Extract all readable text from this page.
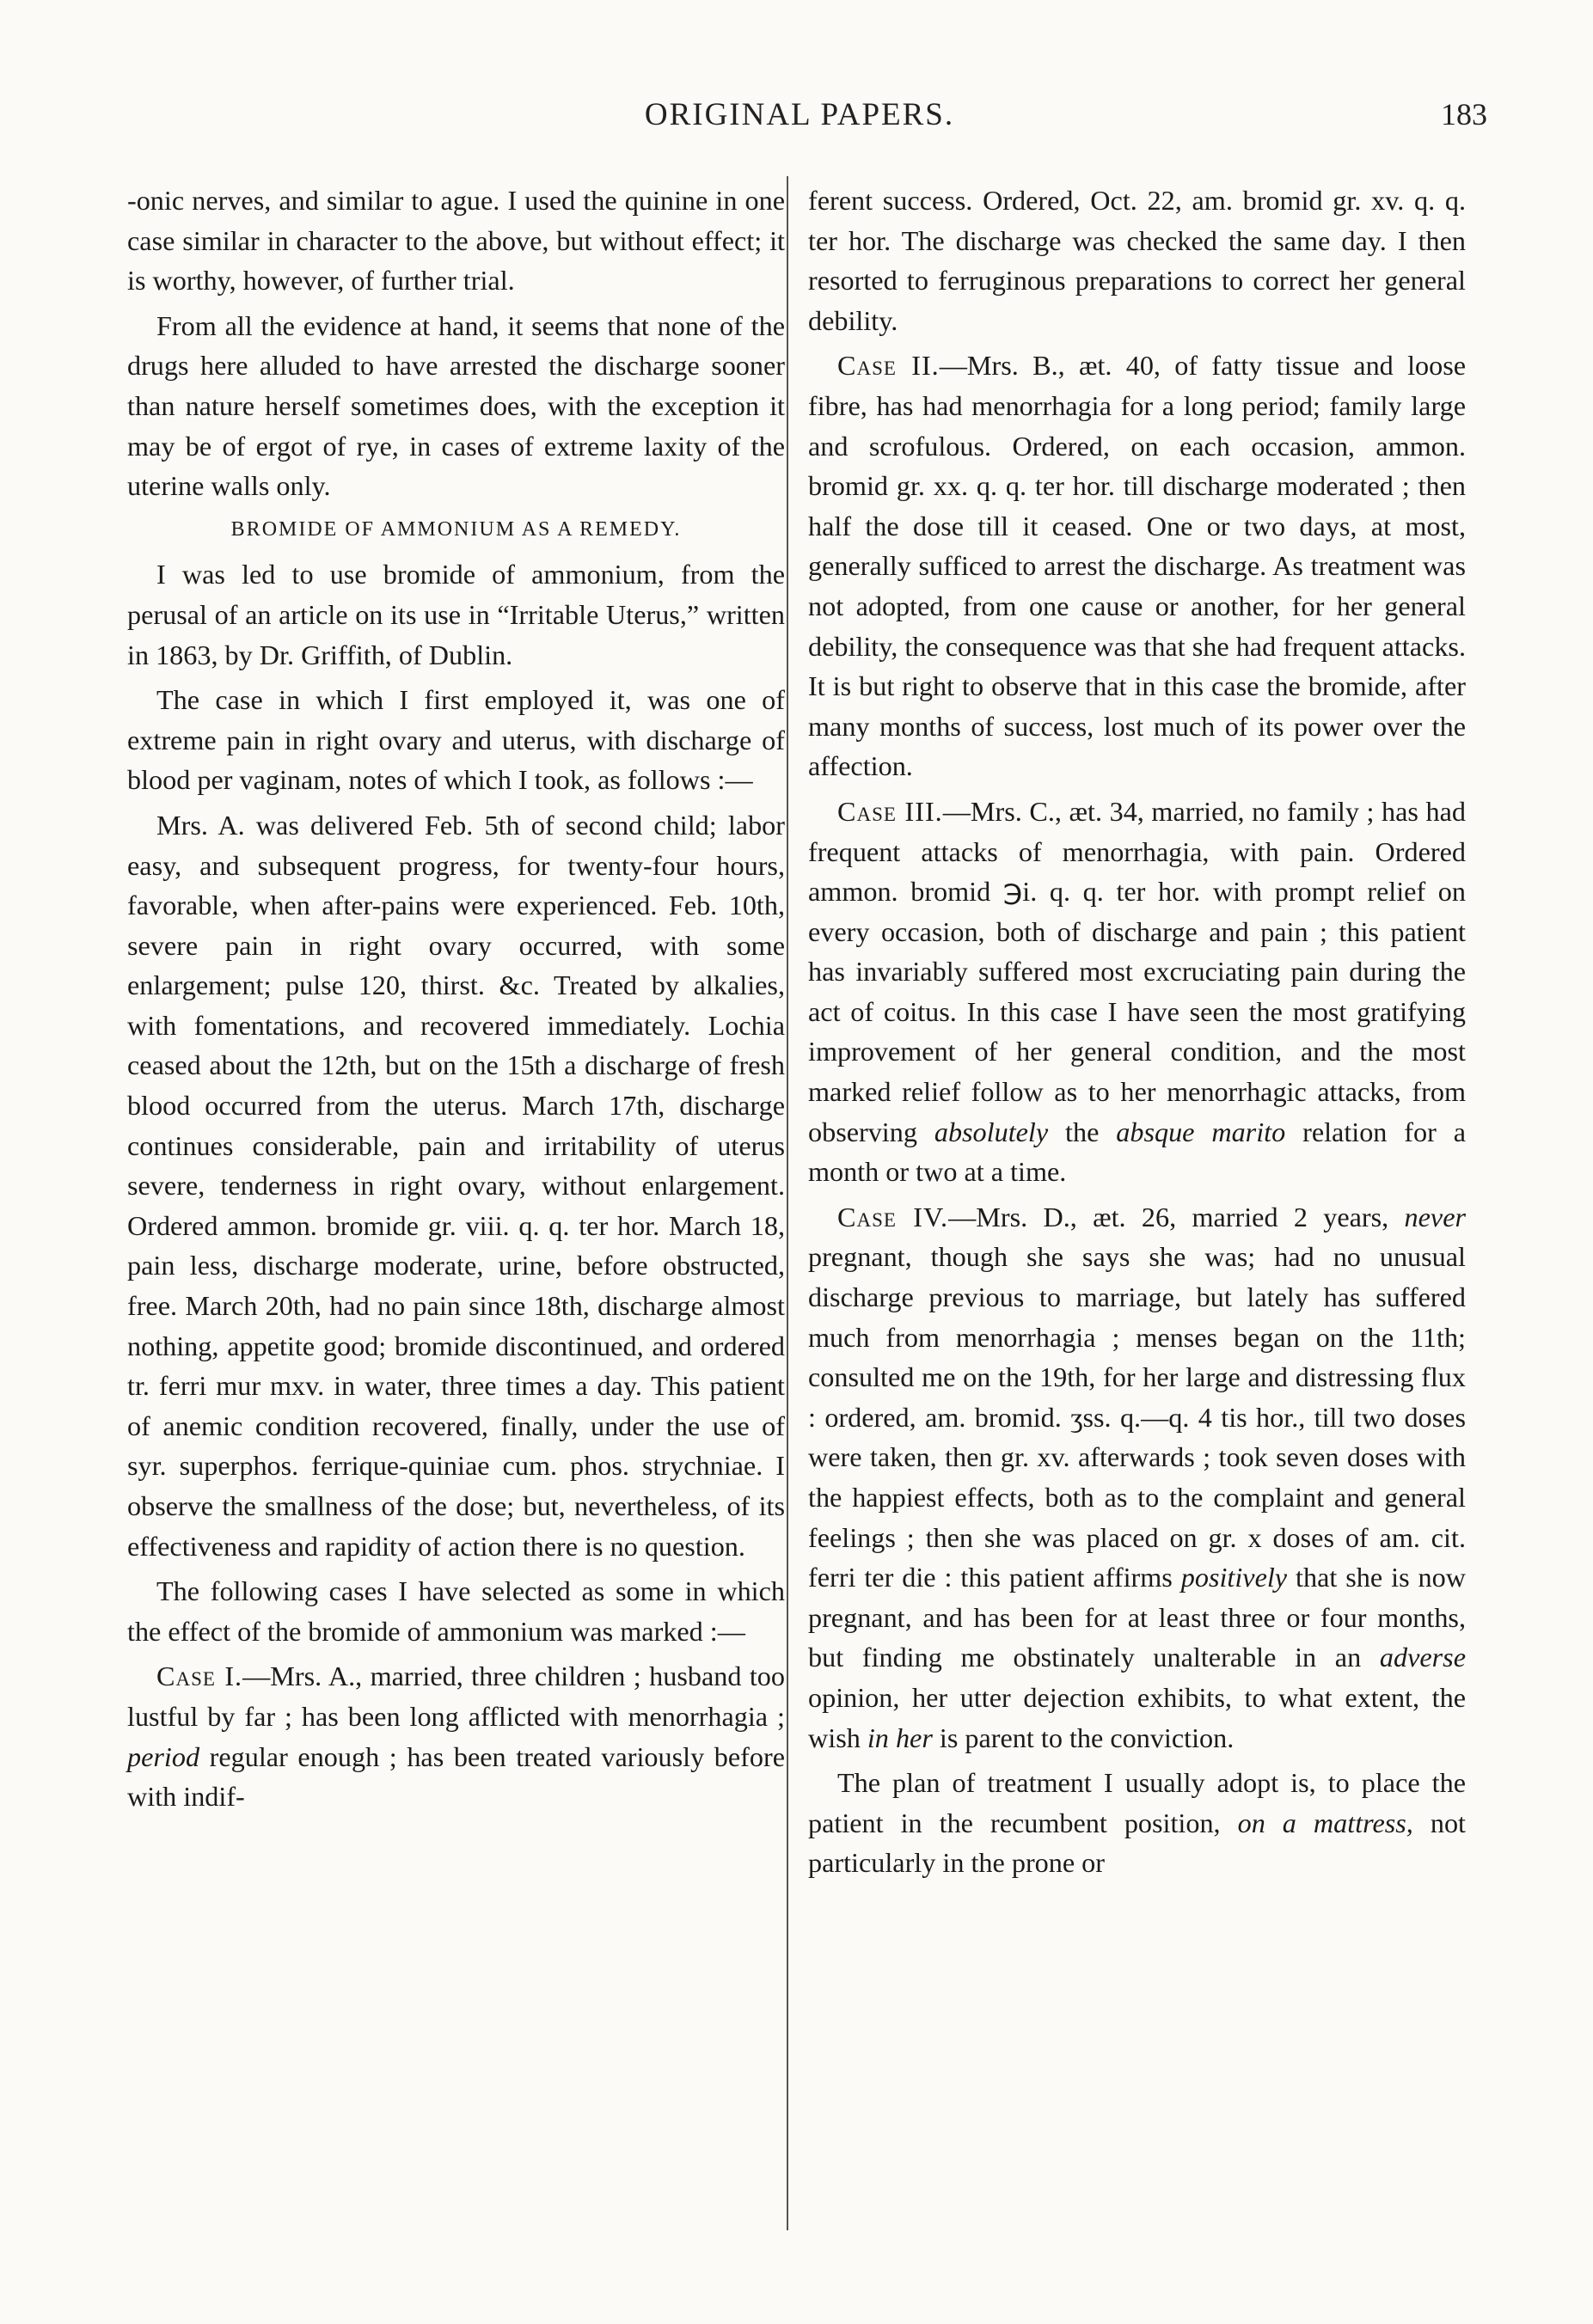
ORIGINAL PAPERS.	183

-onic nerves, and similar to ague. I used the quinine in one case similar in character to the above, but without effect; it is worthy, however, of further trial.

From all the evidence at hand, it seems that none of the drugs here alluded to have arrested the discharge sooner than nature herself sometimes does, with the exception it may be of ergot of rye, in cases of extreme laxity of the uterine walls only.

BROMIDE OF AMMONIUM AS A REMEDY.

I was led to use bromide of ammonium, from the perusal of an article on its use in “Irritable Uterus,” written in 1863, by Dr. Griffith, of Dublin.

The case in which I first employed it, was one of extreme pain in right ovary and uterus, with discharge of blood per vaginam, notes of which I took, as follows :—

Mrs. A. was delivered Feb. 5th of second child; labor easy, and subsequent progress, for twenty-four hours, favorable, when after-pains were experienced. Feb. 10th, severe pain in right ovary occurred, with some enlargement; pulse 120, thirst. &c. Treated by alkalies, with fomentations, and recovered immediately. Lochia ceased about the 12th, but on the 15th a discharge of fresh blood occurred from the uterus. March 17th, discharge continues considerable, pain and irritability of uterus severe, tenderness in right ovary, without enlargement. Ordered ammon. bromide gr. viii. q. q. ter hor. March 18, pain less, discharge moderate, urine, before obstructed, free. March 20th, had no pain since 18th, discharge almost nothing, appetite good; bromide discontinued, and ordered tr. ferri mur mxv. in water, three times a day. This patient of anemic condition recovered, finally, under the use of syr. superphos. ferrique-quiniae cum. phos. strychniae. I observe the smallness of the dose; but, nevertheless, of its effectiveness and rapidity of action there is no question.

The following cases I have selected as some in which the effect of the bromide of ammonium was marked :—

Case I.—Mrs. A., married, three children ; husband too lustful by far ; has been long afflicted with menorrhagia ; period regular enough ; has been treated variously before with indif-

ferent success. Ordered, Oct. 22, am. bromid gr. xv. q. q. ter hor. The discharge was checked the same day. I then resorted to ferruginous preparations to correct her general debility.

Case II.—Mrs. B., æt. 40, of fatty tissue and loose fibre, has had menorrhagia for a long period; family large and scrofulous. Ordered, on each occasion, ammon. bromid gr. xx. q. q. ter hor. till discharge moderated ; then half the dose till it ceased. One or two days, at most, generally sufficed to arrest the discharge. As treatment was not adopted, from one cause or another, for her general debility, the consequence was that she had frequent attacks. It is but right to observe that in this case the bromide, after many months of success, lost much of its power over the affection.

Case III.—Mrs. C., æt. 34, married, no family ; has had frequent attacks of menorrhagia, with pain. Ordered ammon. bromid ℈i. q. q. ter hor. with prompt relief on every occasion, both of discharge and pain ; this patient has invariably suffered most excruciating pain during the act of coitus. In this case I have seen the most gratifying improvement of her general condition, and the most marked relief follow as to her menorrhagic attacks, from observing absolutely the absque marito relation for a month or two at a time.

Case IV.—Mrs. D., æt. 26, married 2 years, never pregnant, though she says she was; had no unusual discharge previous to marriage, but lately has suffered much from menorrhagia ; menses began on the 11th; consulted me on the 19th, for her large and distressing flux : ordered, am. bromid. ʒss. q.—q. 4 tis hor., till two doses were taken, then gr. xv. afterwards ; took seven doses with the happiest effects, both as to the complaint and general feelings ; then she was placed on gr. x doses of am. cit. ferri ter die : this patient affirms positively that she is now pregnant, and has been for at least three or four months, but finding me obstinately unalterable in an adverse opinion, her utter dejection exhibits, to what extent, the wish in her is parent to the conviction.

The plan of treatment I usually adopt is, to place the patient in the recumbent position, on a mattress, not particularly in the prone or
